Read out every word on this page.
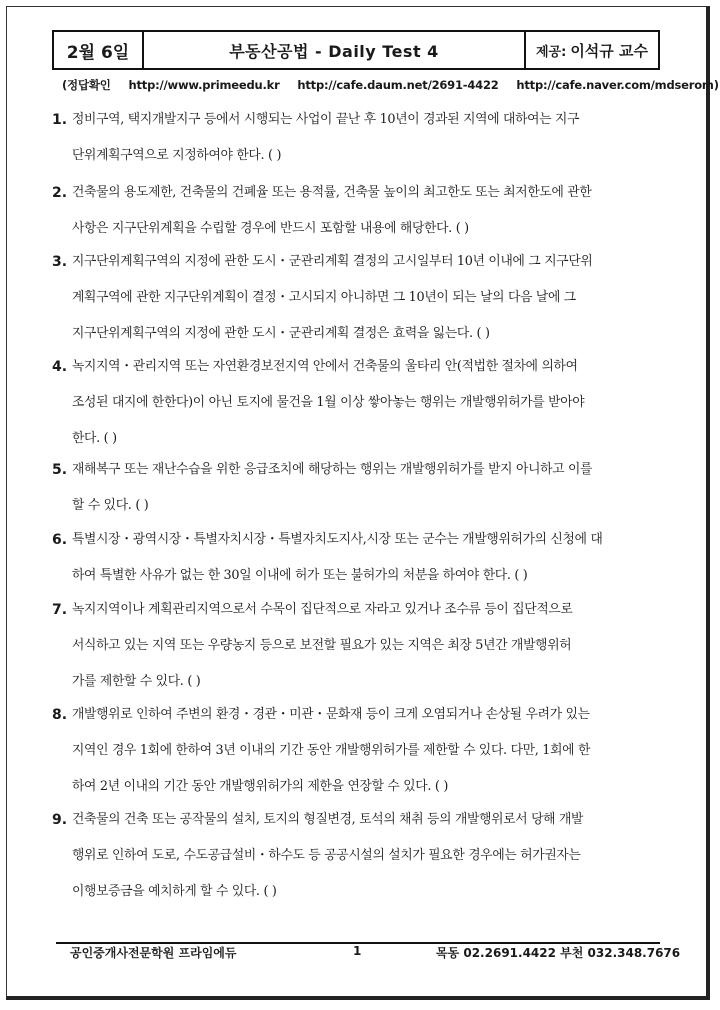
2월 6일	부동산공법 - Daily Test 4	제공: 이석규 교수
(정답확인 http://www.primeedu.kr http://cafe.daum.net/2691-4422 http://cafe.naver.com/mdserom)
1. 정비구역, 택지개발지구 등에서 시행되는 사업이 끝난 후 10년이 경과된 지역에 대하여는 지구
단위계획구역으로 지정하여야 한다. ( )
2. 건축물의 용도제한, 건축물의 건폐율 또는 용적률, 건축물 높이의 최고한도 또는 최저한도에 관한
사항은 지구단위계획을 수립할 경우에 반드시 포함할 내용에 해당한다. ( )
3. 지구단위계획구역의 지정에 관한 도시・군관리계획 결정의 고시일부터 10년 이내에 그 지구단위
계획구역에 관한 지구단위계획이 결정・고시되지 아니하면 그 10년이 되는 날의 다음 날에 그
지구단위계획구역의 지정에 관한 도시・군관리계획 결정은 효력을 잃는다. ( )
4. 녹지지역・관리지역 또는 자연환경보전지역 안에서 건축물의 울타리 안(적법한 절차에 의하여
조성된 대지에 한한다)이 아닌 토지에 물건을 1월 이상 쌓아놓는 행위는 개발행위허가를 받아야
한다. ( )
5. 재해복구 또는 재난수습을 위한 응급조치에 해당하는 행위는 개발행위허가를 받지 아니하고 이를
할 수 있다. ( )
6. 특별시장・광역시장・특별자치시장・특별자치도지사,시장 또는 군수는 개발행위허가의 신청에 대
하여 특별한 사유가 없는 한 30일 이내에 허가 또는 불허가의 처분을 하여야 한다. ( )
7. 녹지지역이나 계획관리지역으로서 수목이 집단적으로 자라고 있거나 조수류 등이 집단적으로
서식하고 있는 지역 또는 우량농지 등으로 보전할 필요가 있는 지역은 최장 5년간 개발행위허
가를 제한할 수 있다. ( )
8. 개발행위로 인하여 주변의 환경・경관・미관・문화재 등이 크게 오염되거나 손상될 우려가 있는
지역인 경우 1회에 한하여 3년 이내의 기간 동안 개발행위허가를 제한할 수 있다. 다만, 1회에 한
하여 2년 이내의 기간 동안 개발행위허가의 제한을 연장할 수 있다. ( )
9. 건축물의 건축 또는 공작물의 설치, 토지의 형질변경, 토석의 채취 등의 개발행위로서 당해 개발
행위로 인하여 도로, 수도공급설비・하수도 등 공공시설의 설치가 필요한 경우에는 허가권자는
이행보증금을 예치하게 할 수 있다. ( )
공인중개사전문학원 프라임에듀	1	목동 02.2691.4422 부천 032.348.7676
